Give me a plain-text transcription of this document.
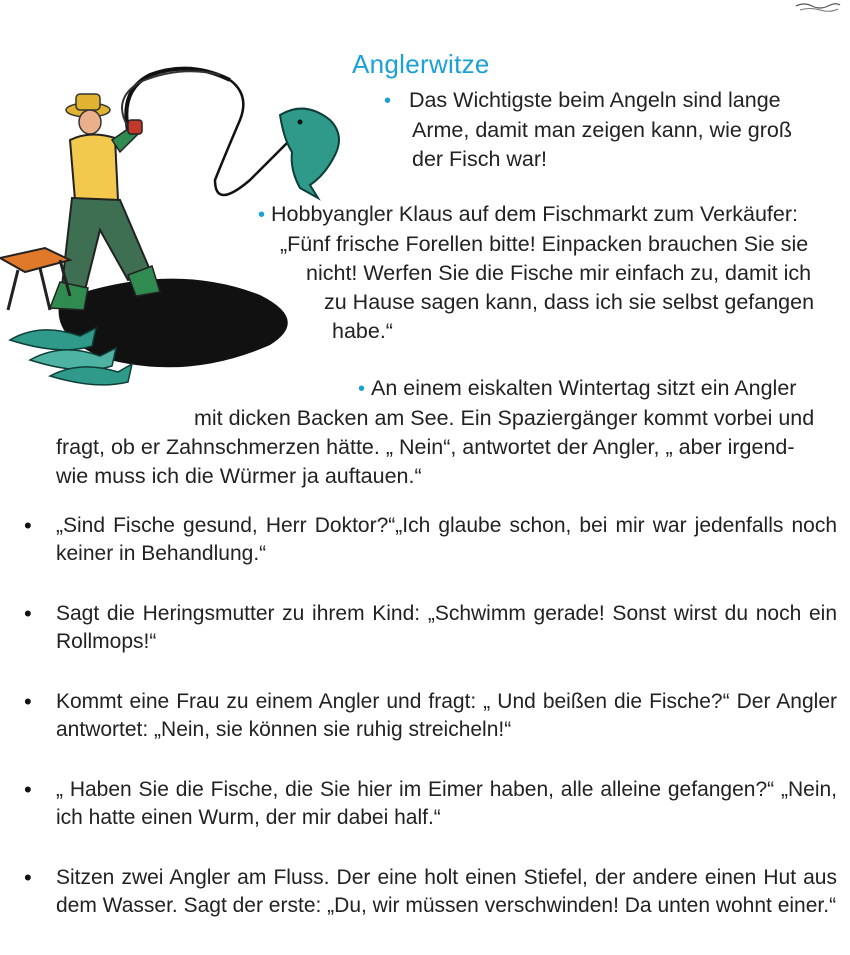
Anglerwitze
• Das Wichtigste beim Angeln sind lange
Arme, damit man zeigen kann, wie groß
der Fisch war!
• Hobbyangler Klaus auf dem Fischmarkt zum Verkäufer:
„Fünf frische Forellen bitte! Einpacken brauchen Sie sie
nicht! Werfen Sie die Fische mir einfach zu, damit ich
zu Hause sagen kann, dass ich sie selbst gefangen
habe.“
• An einem eiskalten Wintertag sitzt ein Angler
mit dicken Backen am See. Ein Spaziergänger kommt vorbei und
fragt, ob er Zahnschmerzen hätte. „ Nein“, antwortet der Angler, „ aber irgend-
wie muss ich die Würmer ja auftauen.“
• „Sind Fische gesund, Herr Doktor?“„Ich glaube schon, bei mir war jedenfalls noch keiner in Behandlung.“
• Sagt die Heringsmutter zu ihrem Kind: „Schwimm gerade! Sonst wirst du noch ein Rollmops!“
• Kommt eine Frau zu einem Angler und fragt: „ Und beißen die Fische?“ Der Angler antwortet: „Nein, sie können sie ruhig streicheln!“
• „ Haben Sie die Fische, die Sie hier im Eimer haben, alle alleine gefangen?“ „Nein, ich hatte einen Wurm, der mir dabei half.“
• Sitzen zwei Angler am Fluss. Der eine holt einen Stiefel, der andere einen Hut aus dem Wasser. Sagt der erste: „Du, wir müssen verschwinden! Da unten wohnt einer.“
